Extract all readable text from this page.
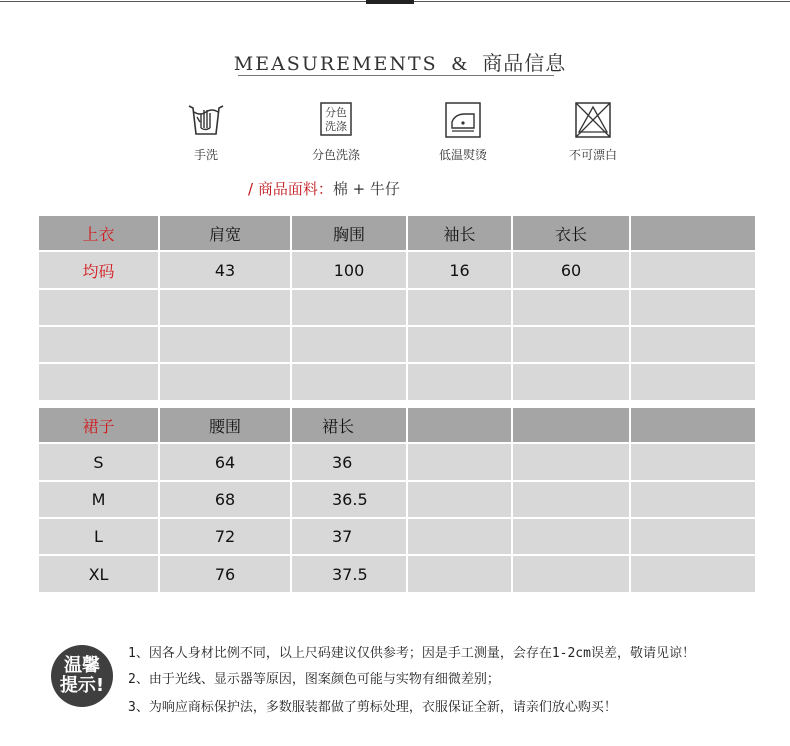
MEASUREMENTS & 商品信息
手洗
分色
洗涤
分色洗涤	低温熨烫	不可漂白
/ 商品面料：棉 + 牛仔
上衣	肩宽	胸围	袖长	衣长	
均码	43	100	16	60	

裙子	腰围	裙长			
S	64	36			
M	68	36.5			
L	72	37			
XL	76	37.5			
温馨
提示!
1、因各人身材比例不同，以上尺码建议仅供参考；因是手工测量，会存在1-2cm误差，敬请见谅！
2、由于光线、显示器等原因，图案颜色可能与实物有细微差别；
3、为响应商标保护法，多数服装都做了剪标处理，衣服保证全新，请亲们放心购买！
